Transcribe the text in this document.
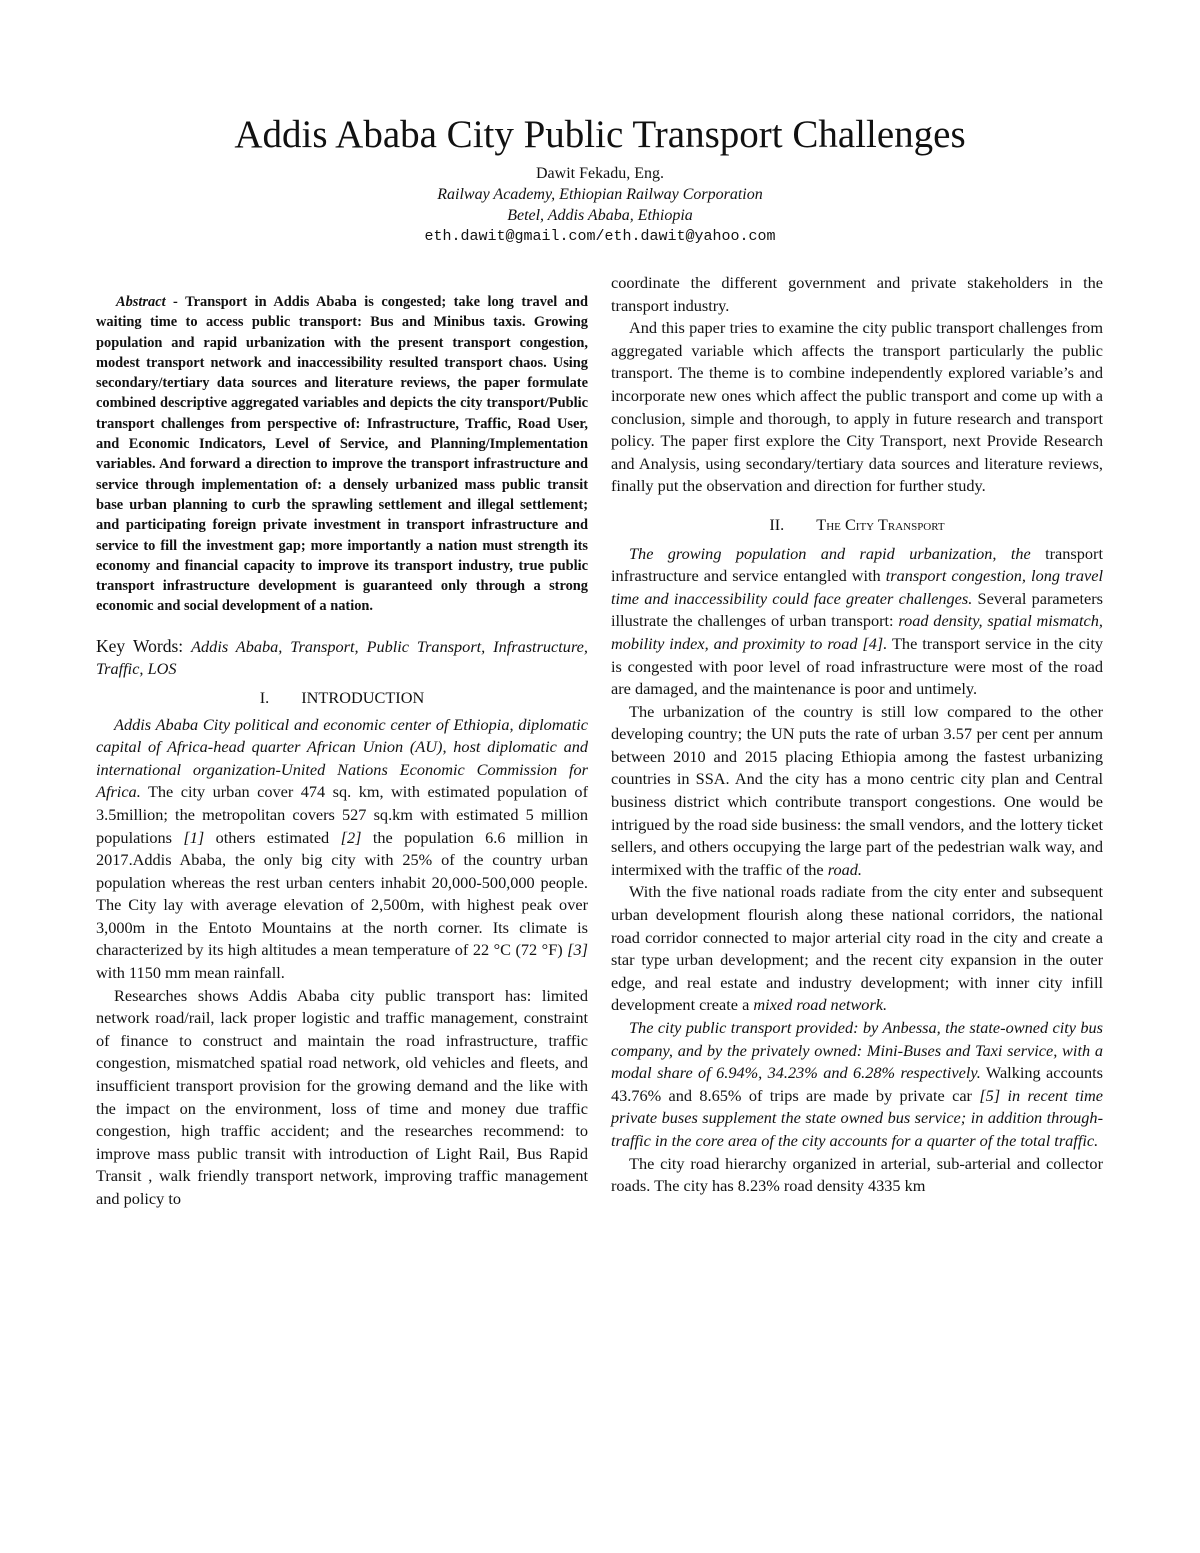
Addis Ababa City Public Transport Challenges
Dawit Fekadu, Eng.
Railway Academy, Ethiopian Railway Corporation
Betel, Addis Ababa, Ethiopia
eth.dawit@gmail.com/eth.dawit@yahoo.com

Abstract - Transport in Addis Ababa is congested; take long travel and waiting time to access public transport: Bus and Minibus taxis. Growing population and rapid urbanization with the present transport congestion, modest transport network and inaccessibility resulted transport chaos. Using secondary/tertiary data sources and literature reviews, the paper formulate combined descriptive aggregated variables and depicts the city transport/Public transport challenges from perspective of: Infrastructure, Traffic, Road User, and Economic Indicators, Level of Service, and Planning/Implementation variables. And forward a direction to improve the transport infrastructure and service through implementation of: a densely urbanized mass public transit base urban planning to curb the sprawling settlement and illegal settlement; and participating foreign private investment in transport infrastructure and service to fill the investment gap; more importantly a nation must strength its economy and financial capacity to improve its transport industry, true public transport infrastructure development is guaranteed only through a strong economic and social development of a nation.

Key Words: Addis Ababa, Transport, Public Transport, Infrastructure, Traffic, LOS

I. INTRODUCTION

Addis Ababa City political and economic center of Ethiopia, diplomatic capital of Africa-head quarter African Union (AU), host diplomatic and international organization-United Nations Economic Commission for Africa. The city urban cover 474 sq. km, with estimated population of 3.5million; the metropolitan covers 527 sq.km with estimated 5 million populations [1] others estimated [2] the population 6.6 million in 2017.Addis Ababa, the only big city with 25% of the country urban population whereas the rest urban centers inhabit 20,000-500,000 people. The City lay with average elevation of 2,500m, with highest peak over 3,000m in the Entoto Mountains at the north corner. Its climate is characterized by its high altitudes a mean temperature of 22 °C (72 °F) [3] with 1150 mm mean rainfall.

Researches shows Addis Ababa city public transport has: limited network road/rail, lack proper logistic and traffic management, constraint of finance to construct and maintain the road infrastructure, traffic congestion, mismatched spatial road network, old vehicles and fleets, and insufficient transport provision for the growing demand and the like with the impact on the environment, loss of time and money due traffic congestion, high traffic accident; and the researches recommend: to improve mass public transit with introduction of Light Rail, Bus Rapid Transit , walk friendly transport network, improving traffic management and policy to

coordinate the different government and private stakeholders in the transport industry.

And this paper tries to examine the city public transport challenges from aggregated variable which affects the transport particularly the public transport. The theme is to combine independently explored variable’s and incorporate new ones which affect the public transport and come up with a conclusion, simple and thorough, to apply in future research and transport policy. The paper first explore the City Transport, next Provide Research and Analysis, using secondary/tertiary data sources and literature reviews, finally put the observation and direction for further study.

II. The City Transport

The growing population and rapid urbanization, the transport infrastructure and service entangled with transport congestion, long travel time and inaccessibility could face greater challenges. Several parameters illustrate the challenges of urban transport: road density, spatial mismatch, mobility index, and proximity to road [4]. The transport service in the city is congested with poor level of road infrastructure were most of the road are damaged, and the maintenance is poor and untimely.

The urbanization of the country is still low compared to the other developing country; the UN puts the rate of urban 3.57 per cent per annum between 2010 and 2015 placing Ethiopia among the fastest urbanizing countries in SSA. And the city has a mono centric city plan and Central business district which contribute transport congestions. One would be intrigued by the road side business: the small vendors, and the lottery ticket sellers, and others occupying the large part of the pedestrian walk way, and intermixed with the traffic of the road.

With the five national roads radiate from the city enter and subsequent urban development flourish along these national corridors, the national road corridor connected to major arterial city road in the city and create a star type urban development; and the recent city expansion in the outer edge, and real estate and industry development; with inner city infill development create a mixed road network.

The city public transport provided: by Anbessa, the state-owned city bus company, and by the privately owned: Mini-Buses and Taxi service, with a modal share of 6.94%, 34.23% and 6.28% respectively. Walking accounts 43.76% and 8.65% of trips are made by private car [5] in recent time private buses supplement the state owned bus service; in addition through-traffic in the core area of the city accounts for a quarter of the total traffic.

The city road hierarchy organized in arterial, sub-arterial and collector roads. The city has 8.23% road density 4335 km
